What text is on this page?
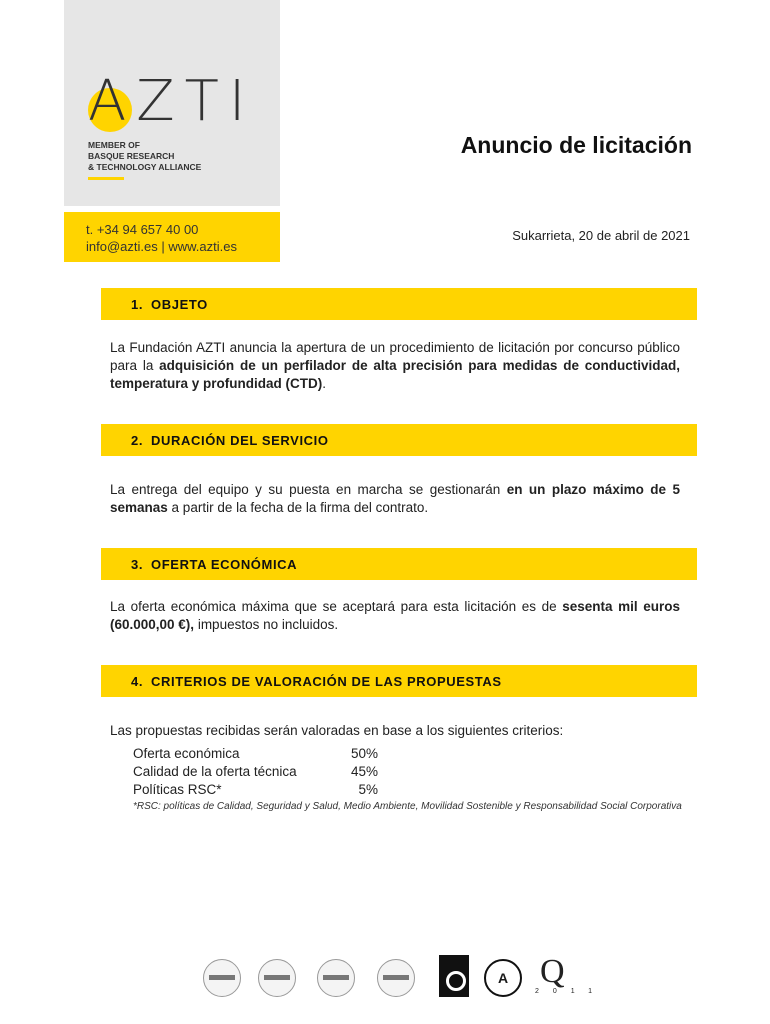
AZTI
MEMBER OF
BASQUE RESEARCH
& TECHNOLOGY ALLIANCE
t. +34 94 657 40 00
info@azti.es | www.azti.es
Anuncio de licitación
Sukarrieta, 20 de abril de 2021
1. OBJETO
La Fundación AZTI anuncia la apertura de un procedimiento de licitación por concurso público para la adquisición de un perfilador de alta precisión para medidas de conductividad, temperatura y profundidad (CTD).
2. DURACIÓN DEL SERVICIO
La entrega del equipo y su puesta en marcha se gestionarán en un plazo máximo de 5 semanas a partir de la fecha de la firma del contrato.
3. OFERTA ECONÓMICA
La oferta económica máxima que se aceptará para esta licitación es de sesenta mil euros (60.000,00 €), impuestos no incluidos.
4. CRITERIOS DE VALORACIÓN DE LAS PROPUESTAS
Las propuestas recibidas serán valoradas en base a los siguientes criterios:
Oferta económica	50%
Calidad de la oferta técnica	45%
Políticas RSC*	5%
*RSC: políticas de Calidad, Seguridad y Salud, Medio Ambiente, Movilidad Sostenible y Responsabilidad Social Corporativa
A Q
2011
